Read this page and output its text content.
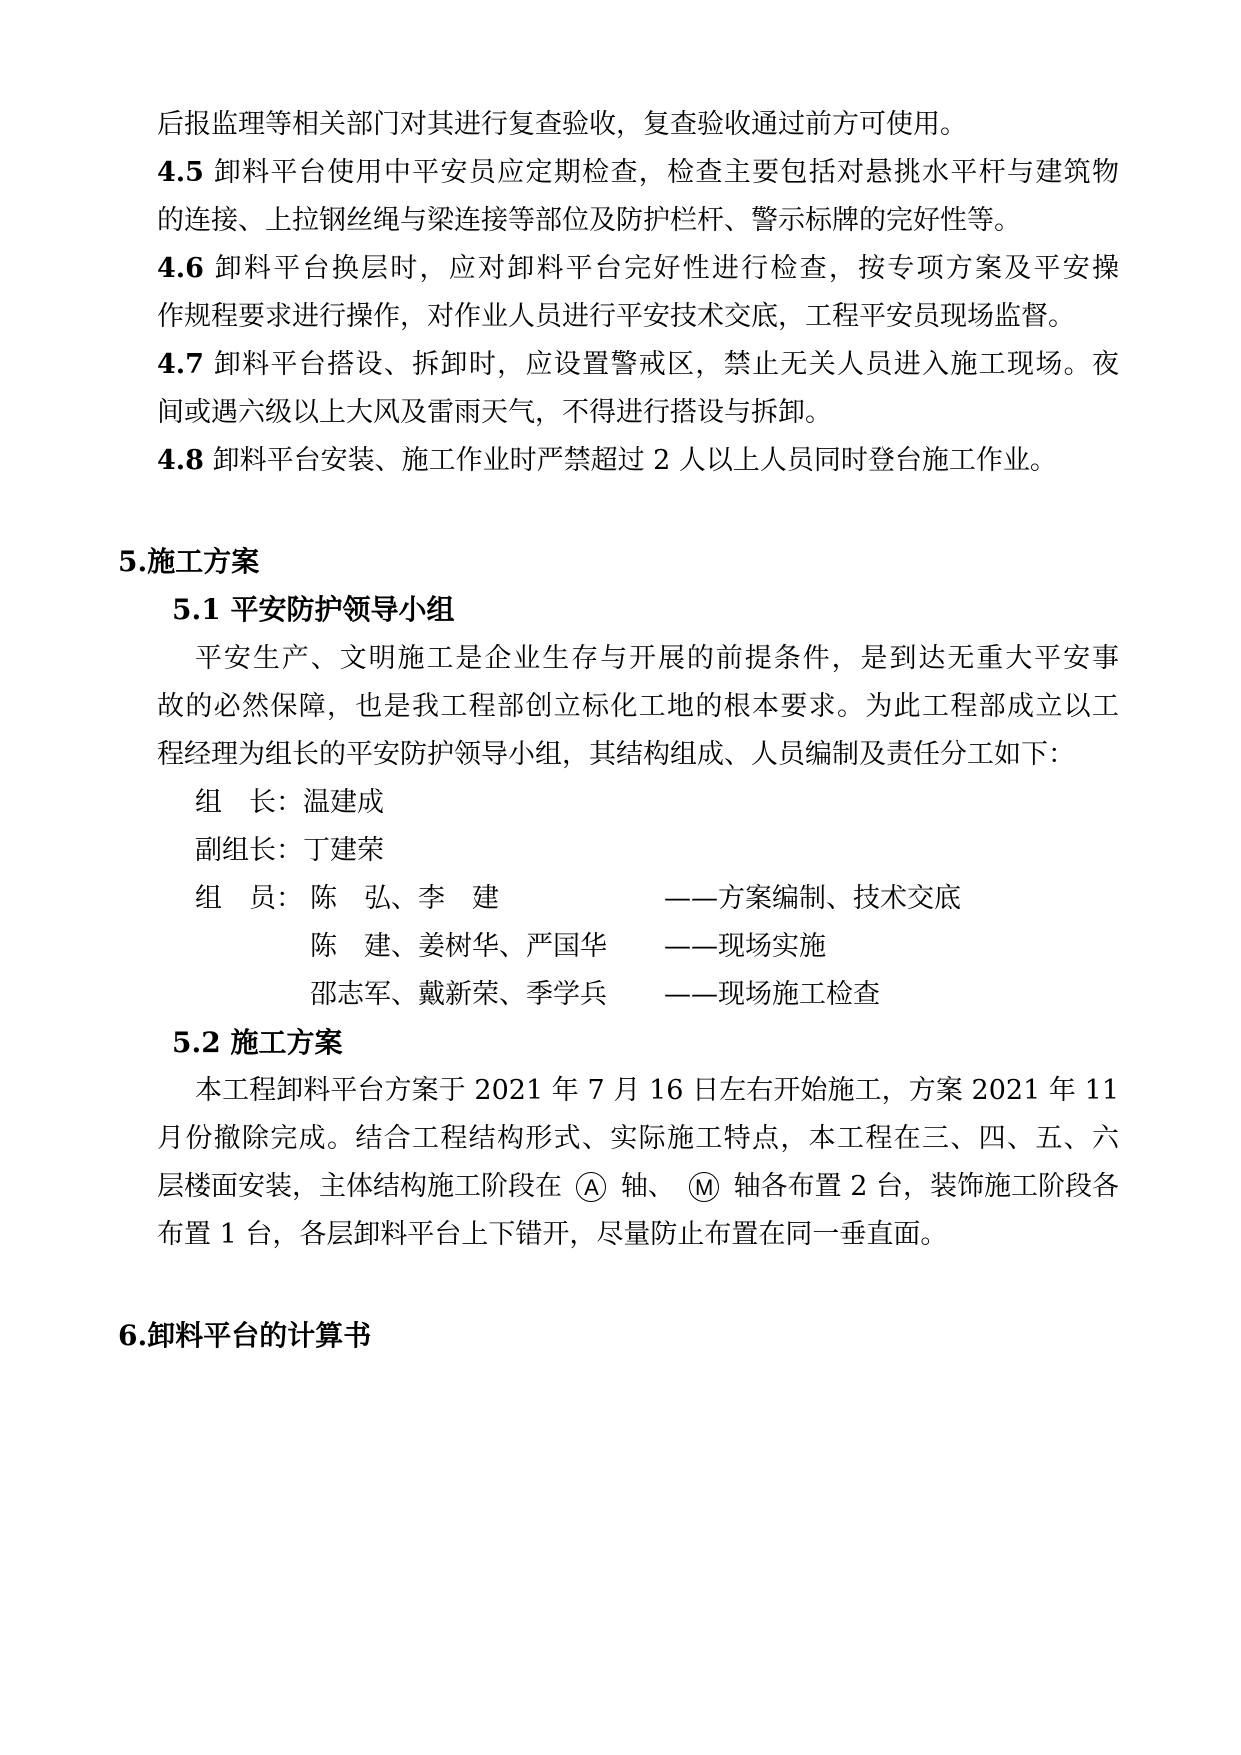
后报监理等相关部门对其进行复查验收，复查验收通过前方可使用。
4.5 卸料平台使用中平安员应定期检查，检查主要包括对悬挑水平杆与建筑物
的连接、上拉钢丝绳与梁连接等部位及防护栏杆、警示标牌的完好性等。
4.6 卸料平台换层时，应对卸料平台完好性进行检查，按专项方案及平安操
作规程要求进行操作，对作业人员进行平安技术交底，工程平安员现场监督。
4.7 卸料平台搭设、拆卸时，应设置警戒区，禁止无关人员进入施工现场。夜
间或遇六级以上大风及雷雨天气，不得进行搭设与拆卸。
4.8 卸料平台安装、施工作业时严禁超过 2 人以上人员同时登台施工作业。
5.施工方案
5.1 平安防护领导小组
平安生产、文明施工是企业生存与开展的前提条件，是到达无重大平安事
故的必然保障，也是我工程部创立标化工地的根本要求。为此工程部成立以工
程经理为组长的平安防护领导小组，其结构组成、人员编制及责任分工如下：
组　长：温建成
副组长：丁建荣
组　员： 陈　弘、李　建	——方案编制、技术交底
陈　建、姜树华、严国华 ——现场实施
邵志军、戴新荣、季学兵 ——现场施工检查
5.2 施工方案
本工程卸料平台方案于 2021 年 7 月 16 日左右开始施工，方案 2021 年 11
月份撤除完成。结合工程结构形式、实际施工特点，本工程在三、四、五、六
层楼面安装，主体结构施工阶段在	A 轴、 M 轴各布置 2 台，装饰施工阶段各
布置 1 台，各层卸料平台上下错开，尽量防止布置在同一垂直面。
6.卸料平台的计算书
